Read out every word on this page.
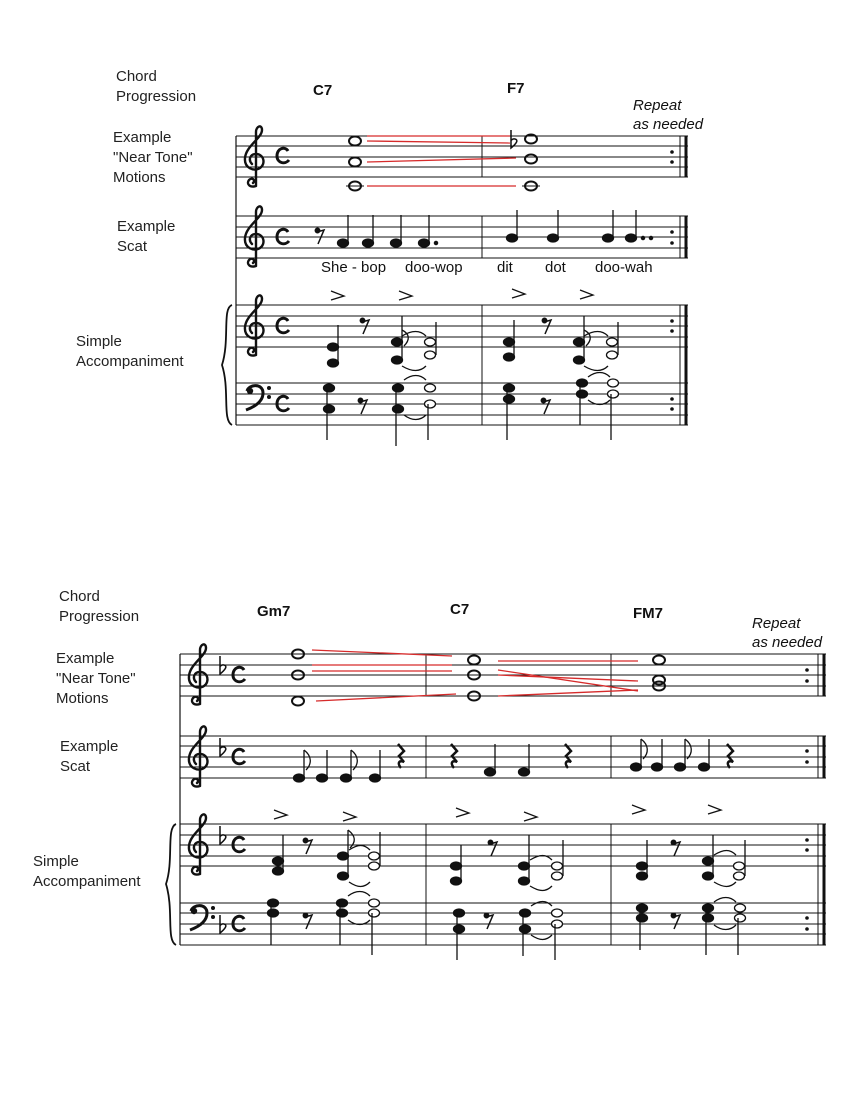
Chord
Progression
Example
"Near Tone"
Motions
Example
Scat
Simple
Accompaniment
C7	F7
Repeat
as needed
She - bop doo-wop dit dot doo-wah
Chord
Progression
Example
"Near Tone"
Motions
Example
Scat
Simple
Accompaniment
Gm7	C7	FM7
Repeat
as needed
